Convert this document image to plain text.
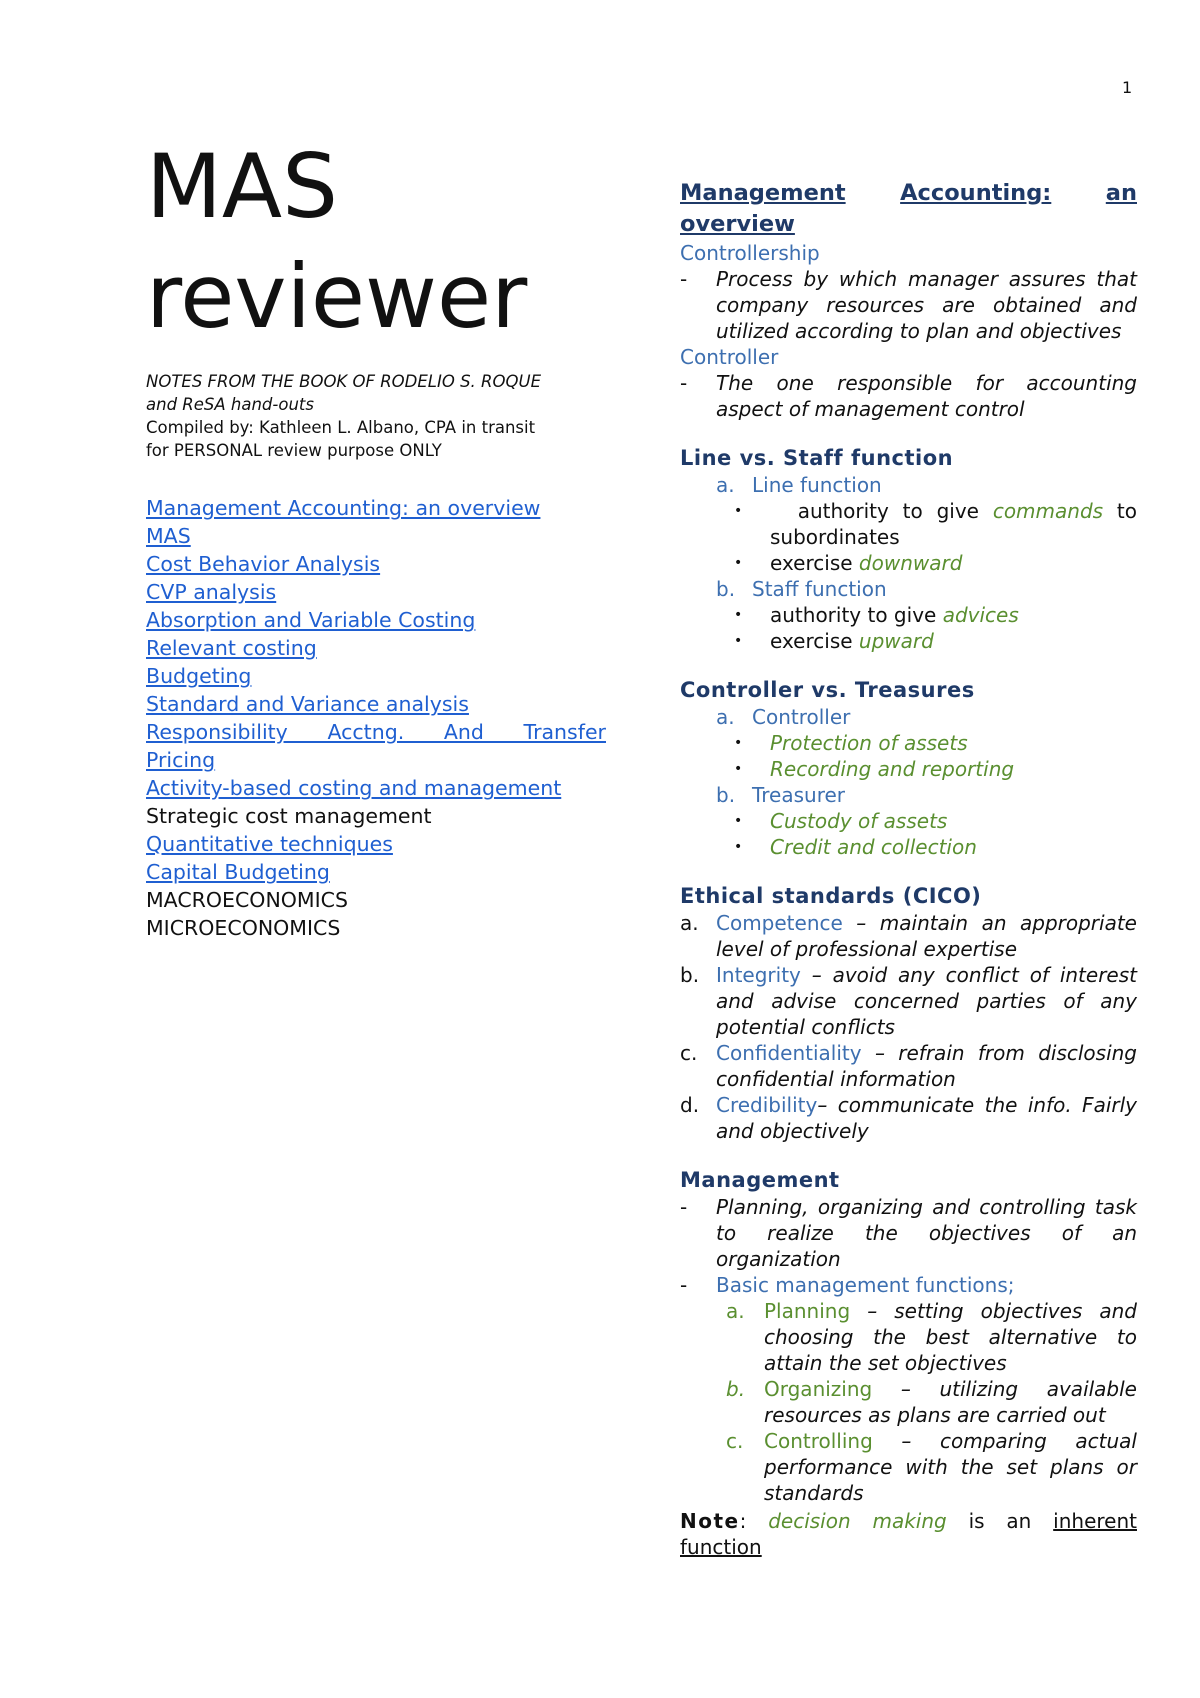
1
MAS
reviewer
NOTES FROM THE BOOK OF RODELIO S. ROQUE
and ReSA hand-outs
Compiled by: Kathleen L. Albano, CPA in transit
for PERSONAL review purpose ONLY
Management Accounting: an overview
MAS
Cost Behavior Analysis
CVP analysis
Absorption and Variable Costing
Relevant costing
Budgeting
Standard and Variance analysis
Responsibility Acctng. And Transfer
Pricing
Activity-based costing and management
Strategic cost management
Quantitative techniques
Capital Budgeting
MACROECONOMICS
MICROECONOMICS
Management Accounting: an
overview
Controllership
-	Process by which manager assures that company resources are obtained and utilized according to plan and objectives
Controller
-	The one responsible for accounting aspect of management control
Line vs. Staff function
a. Line function
•	authority to give commands to subordinates
•	exercise downward
b. Staff function
•	authority to give advices
•	exercise upward
Controller vs. Treasures
a. Controller
•	Protection of assets
•	Recording and reporting
b. Treasurer
•	Custody of assets
•	Credit and collection
Ethical standards (CICO)
a. Competence – maintain an appropriate level of professional expertise
b. Integrity – avoid any conflict of interest and advise concerned parties of any potential conflicts
c. Confidentiality – refrain from disclosing confidential information
d. Credibility– communicate the info. Fairly and objectively
Management
-	Planning, organizing and controlling task to realize the objectives of an organization
-	Basic management functions;
a. Planning – setting objectives and choosing the best alternative to attain the set objectives
b. Organizing – utilizing available resources as plans are carried out
c.	Controlling – comparing actual performance with the set plans or standards
Note: decision making is an inherent function
